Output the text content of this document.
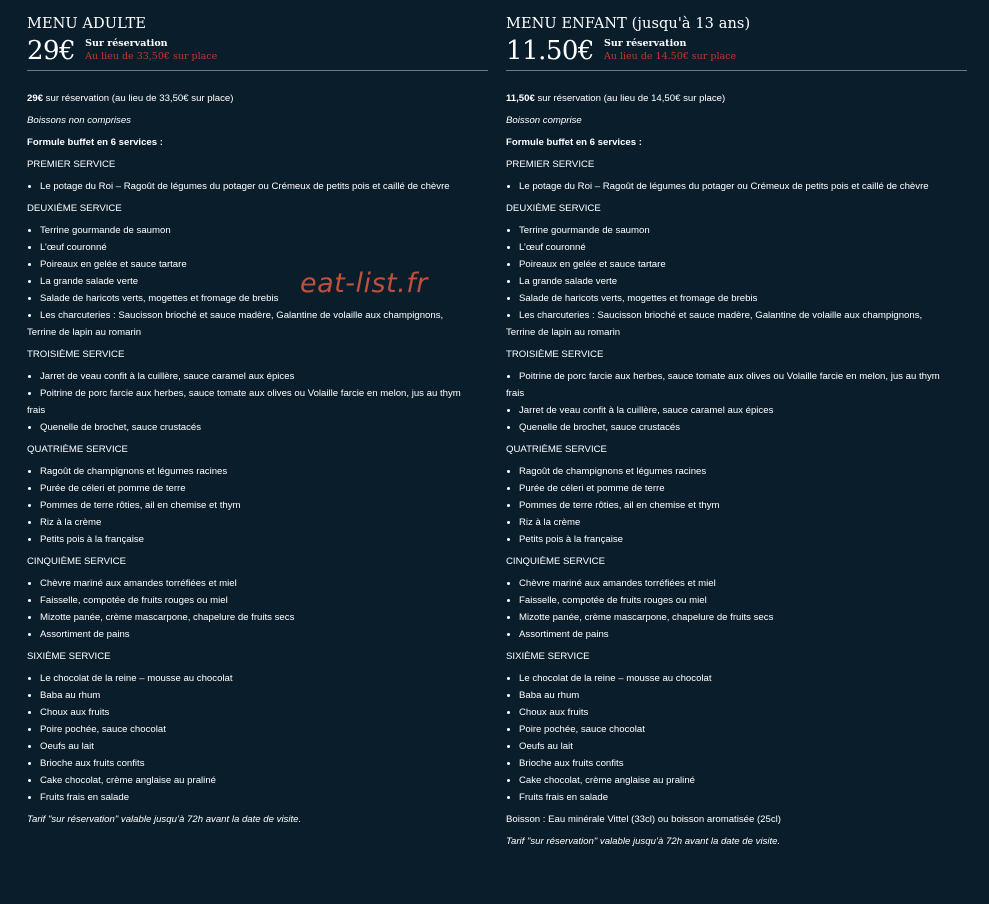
MENU ADULTE
29€ Sur réservation
Au lieu de 33,50€ sur place
29€ sur réservation (au lieu de 33,50€ sur place)
Boissons non comprises
Formule buffet en 6 services :
PREMIER SERVICE
Le potage du Roi – Ragoût de légumes du potager ou Crémeux de petits pois et caillé de chèvre
DEUXIÈME SERVICE
Terrine gourmande de saumon
L’œuf couronné
Poireaux en gelée et sauce tartare
La grande salade verte
Salade de haricots verts, mogettes et fromage de brebis
Les charcuteries : Saucisson brioché et sauce madère, Galantine de volaille aux champignons,
Terrine de lapin au romarin
TROISIÈME SERVICE
Jarret de veau confit à la cuillère, sauce caramel aux épices
Poitrine de porc farcie aux herbes, sauce tomate aux olives ou Volaille farcie en melon, jus au thym
frais
Quenelle de brochet, sauce crustacés
QUATRIÈME SERVICE
Ragoût de champignons et légumes racines
Purée de céleri et pomme de terre
Pommes de terre rôties, ail en chemise et thym
Riz à la crème
Petits pois à la française
CINQUIÈME SERVICE
Chèvre mariné aux amandes torréfiées et miel
Faisselle, compotée de fruits rouges ou miel
Mizotte panée, crème mascarpone, chapelure de fruits secs
Assortiment de pains
SIXIÈME SERVICE
Le chocolat de la reine – mousse au chocolat
Baba au rhum
Choux aux fruits
Poire pochée, sauce chocolat
Oeufs au lait
Brioche aux fruits confits
Cake chocolat, crème anglaise au praliné
Fruits frais en salade
Tarif "sur réservation" valable jusqu’à 72h avant la date de visite.
MENU ENFANT (jusqu'à 13 ans)
11.50€ Sur réservation
Au lieu de 14.50€ sur place
11,50€ sur réservation (au lieu de 14,50€ sur place)
Boisson comprise
Formule buffet en 6 services :
PREMIER SERVICE
Le potage du Roi – Ragoût de légumes du potager ou Crémeux de petits pois et caillé de chèvre
DEUXIÈME SERVICE
Terrine gourmande de saumon
L’œuf couronné
Poireaux en gelée et sauce tartare
La grande salade verte
Salade de haricots verts, mogettes et fromage de brebis
Les charcuteries : Saucisson brioché et sauce madère, Galantine de volaille aux champignons,
Terrine de lapin au romarin
TROISIÈME SERVICE
Poitrine de porc farcie aux herbes, sauce tomate aux olives ou Volaille farcie en melon, jus au thym
frais
Jarret de veau confit à la cuillère, sauce caramel aux épices
Quenelle de brochet, sauce crustacés
QUATRIÈME SERVICE
Ragoût de champignons et légumes racines
Purée de céleri et pomme de terre
Pommes de terre rôties, ail en chemise et thym
Riz à la crème
Petits pois à la française
CINQUIÈME SERVICE
Chèvre mariné aux amandes torréfiées et miel
Faisselle, compotée de fruits rouges ou miel
Mizotte panée, crème mascarpone, chapelure de fruits secs
Assortiment de pains
SIXIÈME SERVICE
Le chocolat de la reine – mousse au chocolat
Baba au rhum
Choux aux fruits
Poire pochée, sauce chocolat
Oeufs au lait
Brioche aux fruits confits
Cake chocolat, crème anglaise au praliné
Fruits frais en salade
Boisson : Eau minérale Vittel (33cl) ou boisson aromatisée (25cl)
Tarif "sur réservation" valable jusqu’à 72h avant la date de visite.
eat-list.fr
